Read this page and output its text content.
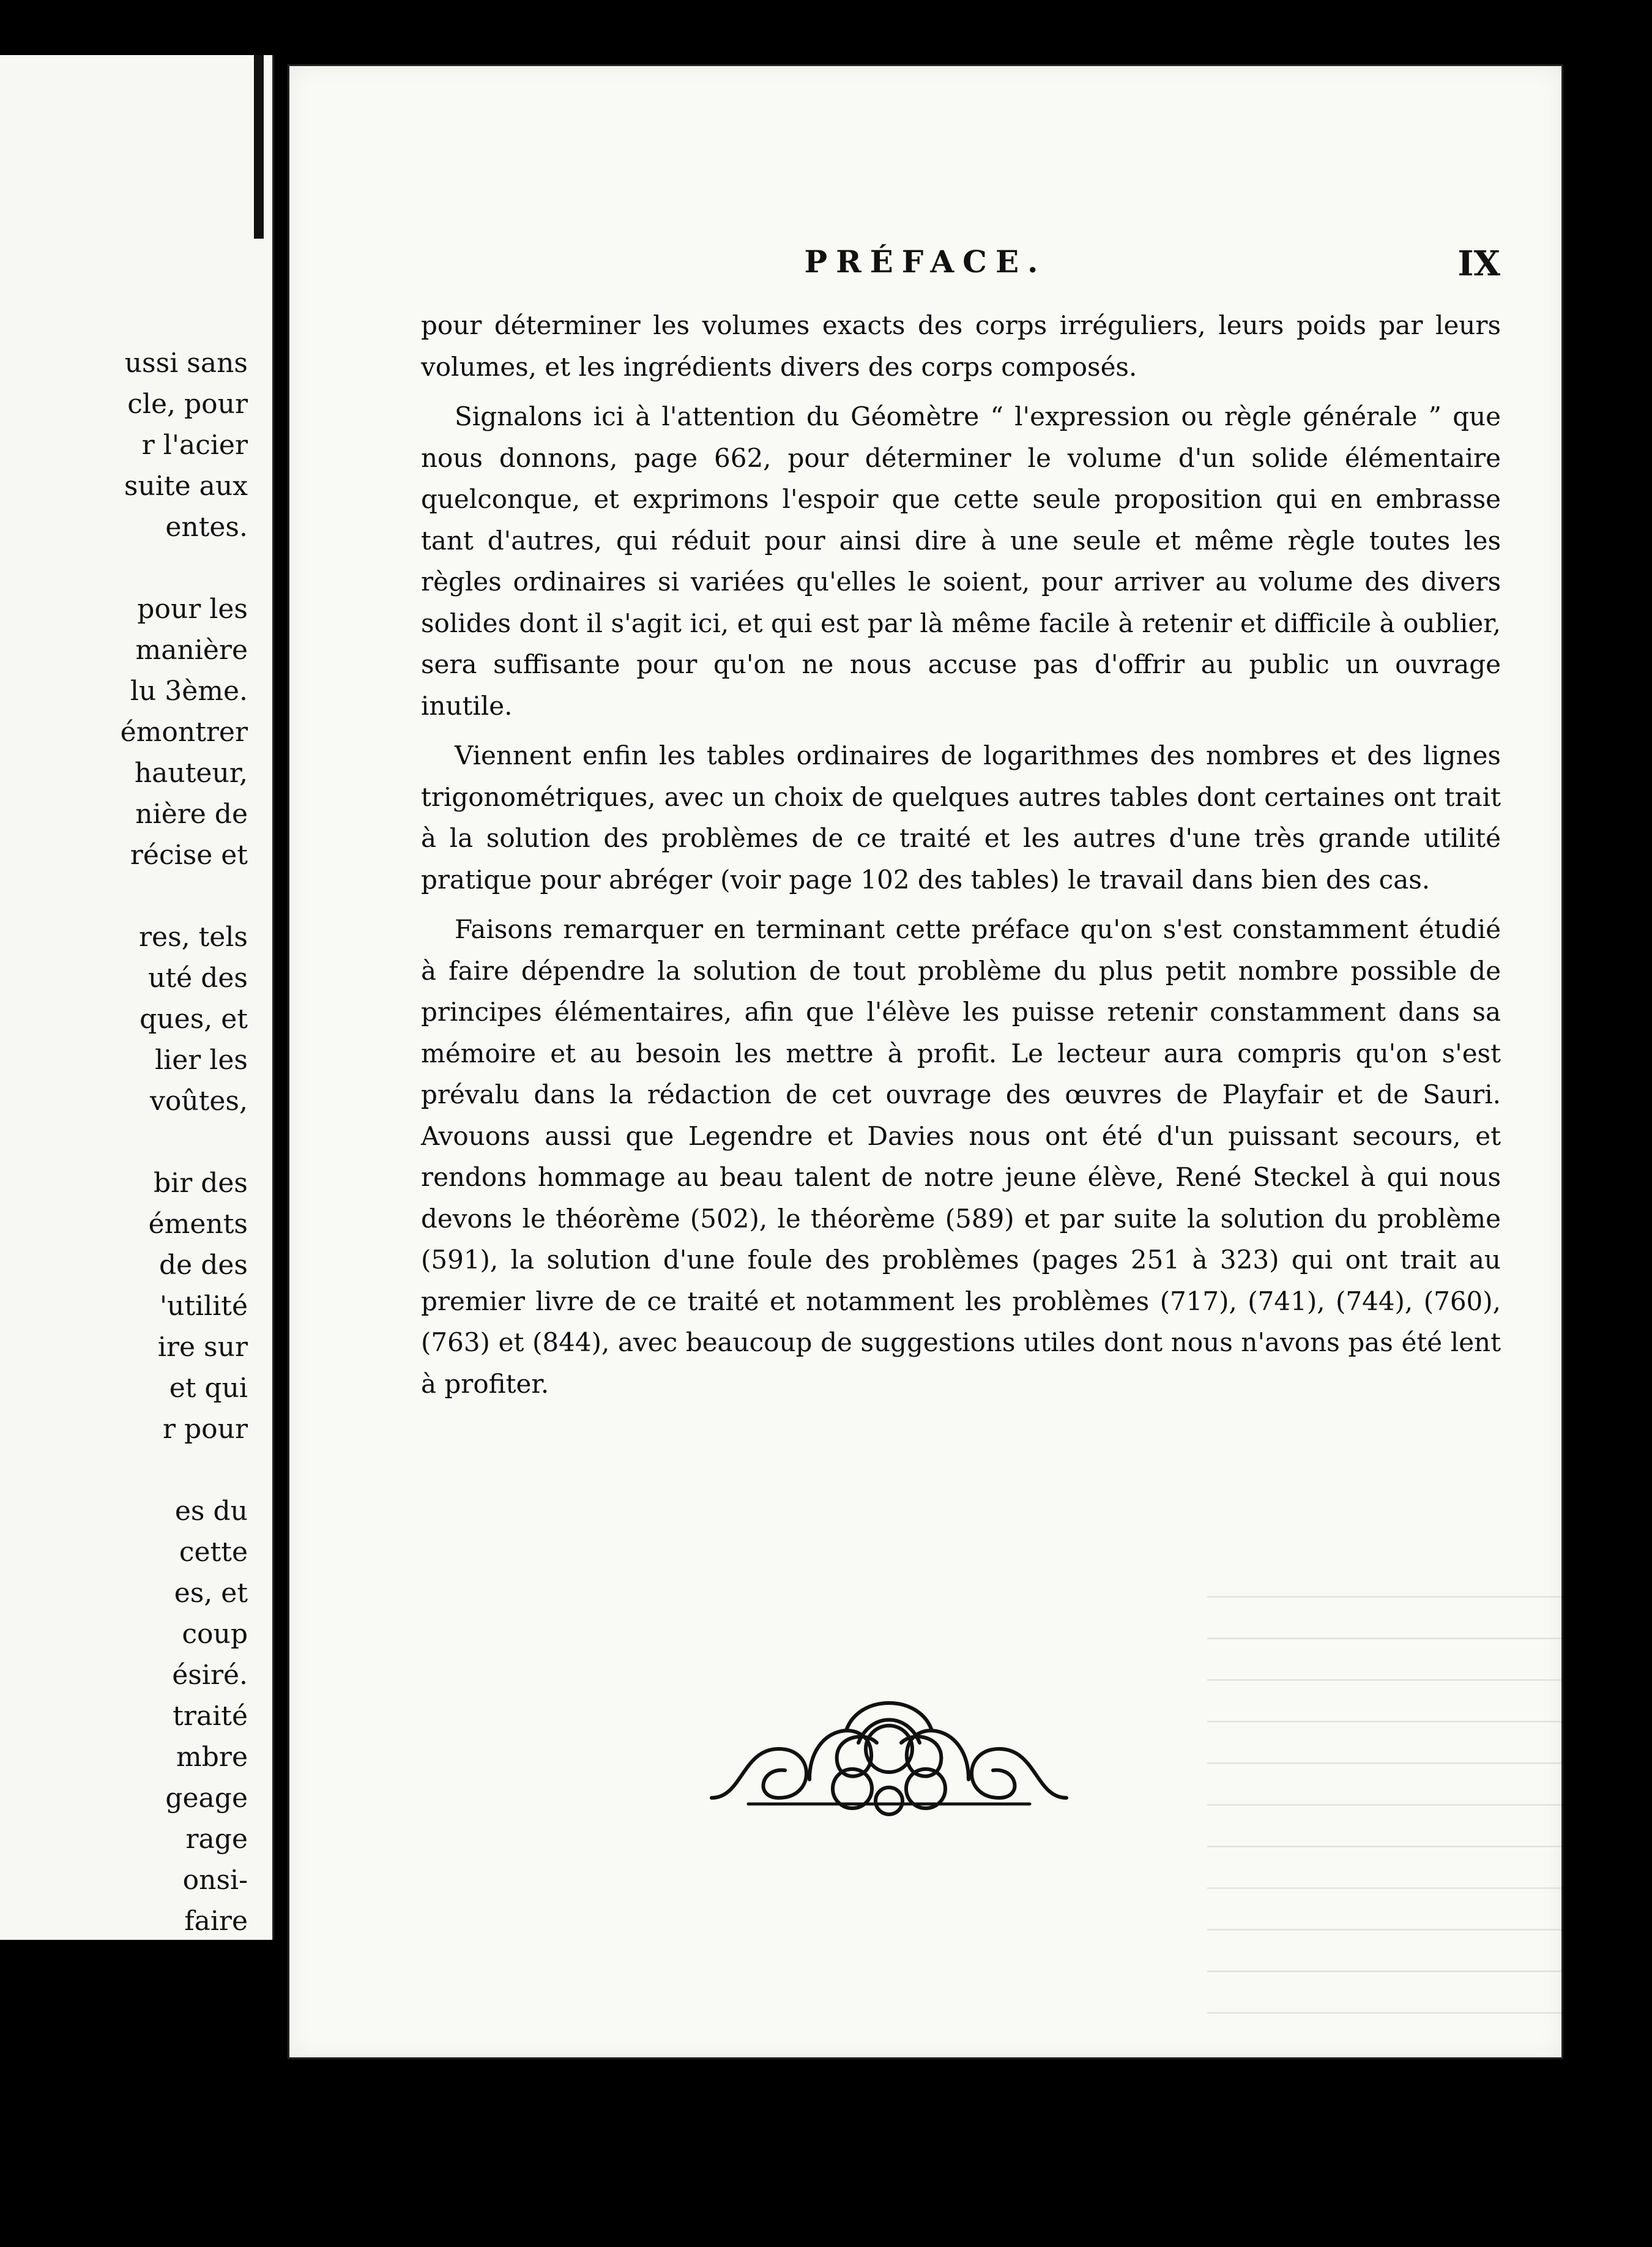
ussi sans
cle, pour
r l'acier
suite aux
entes.
pour les
manière
lu 3ème.
émontrer
hauteur,
nière de
récise et
res, tels
uté des
ques, et
lier les
voûtes,
bir des
éments
de des
'utilité
ire sur
et qui
r pour
es du
cette
es, et
coup
ésiré.
traité
mbre
geage
rage
onsi-
faire
PRÉFACE.	IX

pour déterminer les volumes exacts des corps irréguliers, leurs poids par leurs volumes, et les ingrédients divers des corps composés.

Signalons ici à l'attention du Géomètre “ l'expression ou règle générale ” que nous donnons, page 662, pour déterminer le volume d'un solide élémentaire quelconque, et exprimons l'espoir que cette seule proposition qui en embrasse tant d'autres, qui réduit pour ainsi dire à une seule et même règle toutes les règles ordinaires si variées qu'elles le soient, pour arriver au volume des divers solides dont il s'agit ici, et qui est par là même facile à retenir et difficile à oublier, sera suffisante pour qu'on ne nous accuse pas d'offrir au public un ouvrage inutile.

Viennent enfin les tables ordinaires de logarithmes des nombres et des lignes trigonométriques, avec un choix de quelques autres tables dont certaines ont trait à la solution des problèmes de ce traité et les autres d'une très grande utilité pratique pour abréger (voir page 102 des tables) le travail dans bien des cas.

Faisons remarquer en terminant cette préface qu'on s'est constamment étudié à faire dépendre la solution de tout problème du plus petit nombre possible de principes élémentaires, afin que l'élève les puisse retenir constamment dans sa mémoire et au besoin les mettre à profit. Le lecteur aura compris qu'on s'est prévalu dans la rédaction de cet ouvrage des œuvres de Playfair et de Sauri. Avouons aussi que Legendre et Davies nous ont été d'un puissant secours, et rendons hommage au beau talent de notre jeune élève, René Steckel à qui nous devons le théorème (502), le théorème (589) et par suite la solution du problème (591), la solution d'une foule des problèmes (pages 251 à 323) qui ont trait au premier livre de ce traité et notamment les problèmes (717), (741), (744), (760), (763) et (844), avec beaucoup de suggestions utiles dont nous n'avons pas été lent à profiter.
